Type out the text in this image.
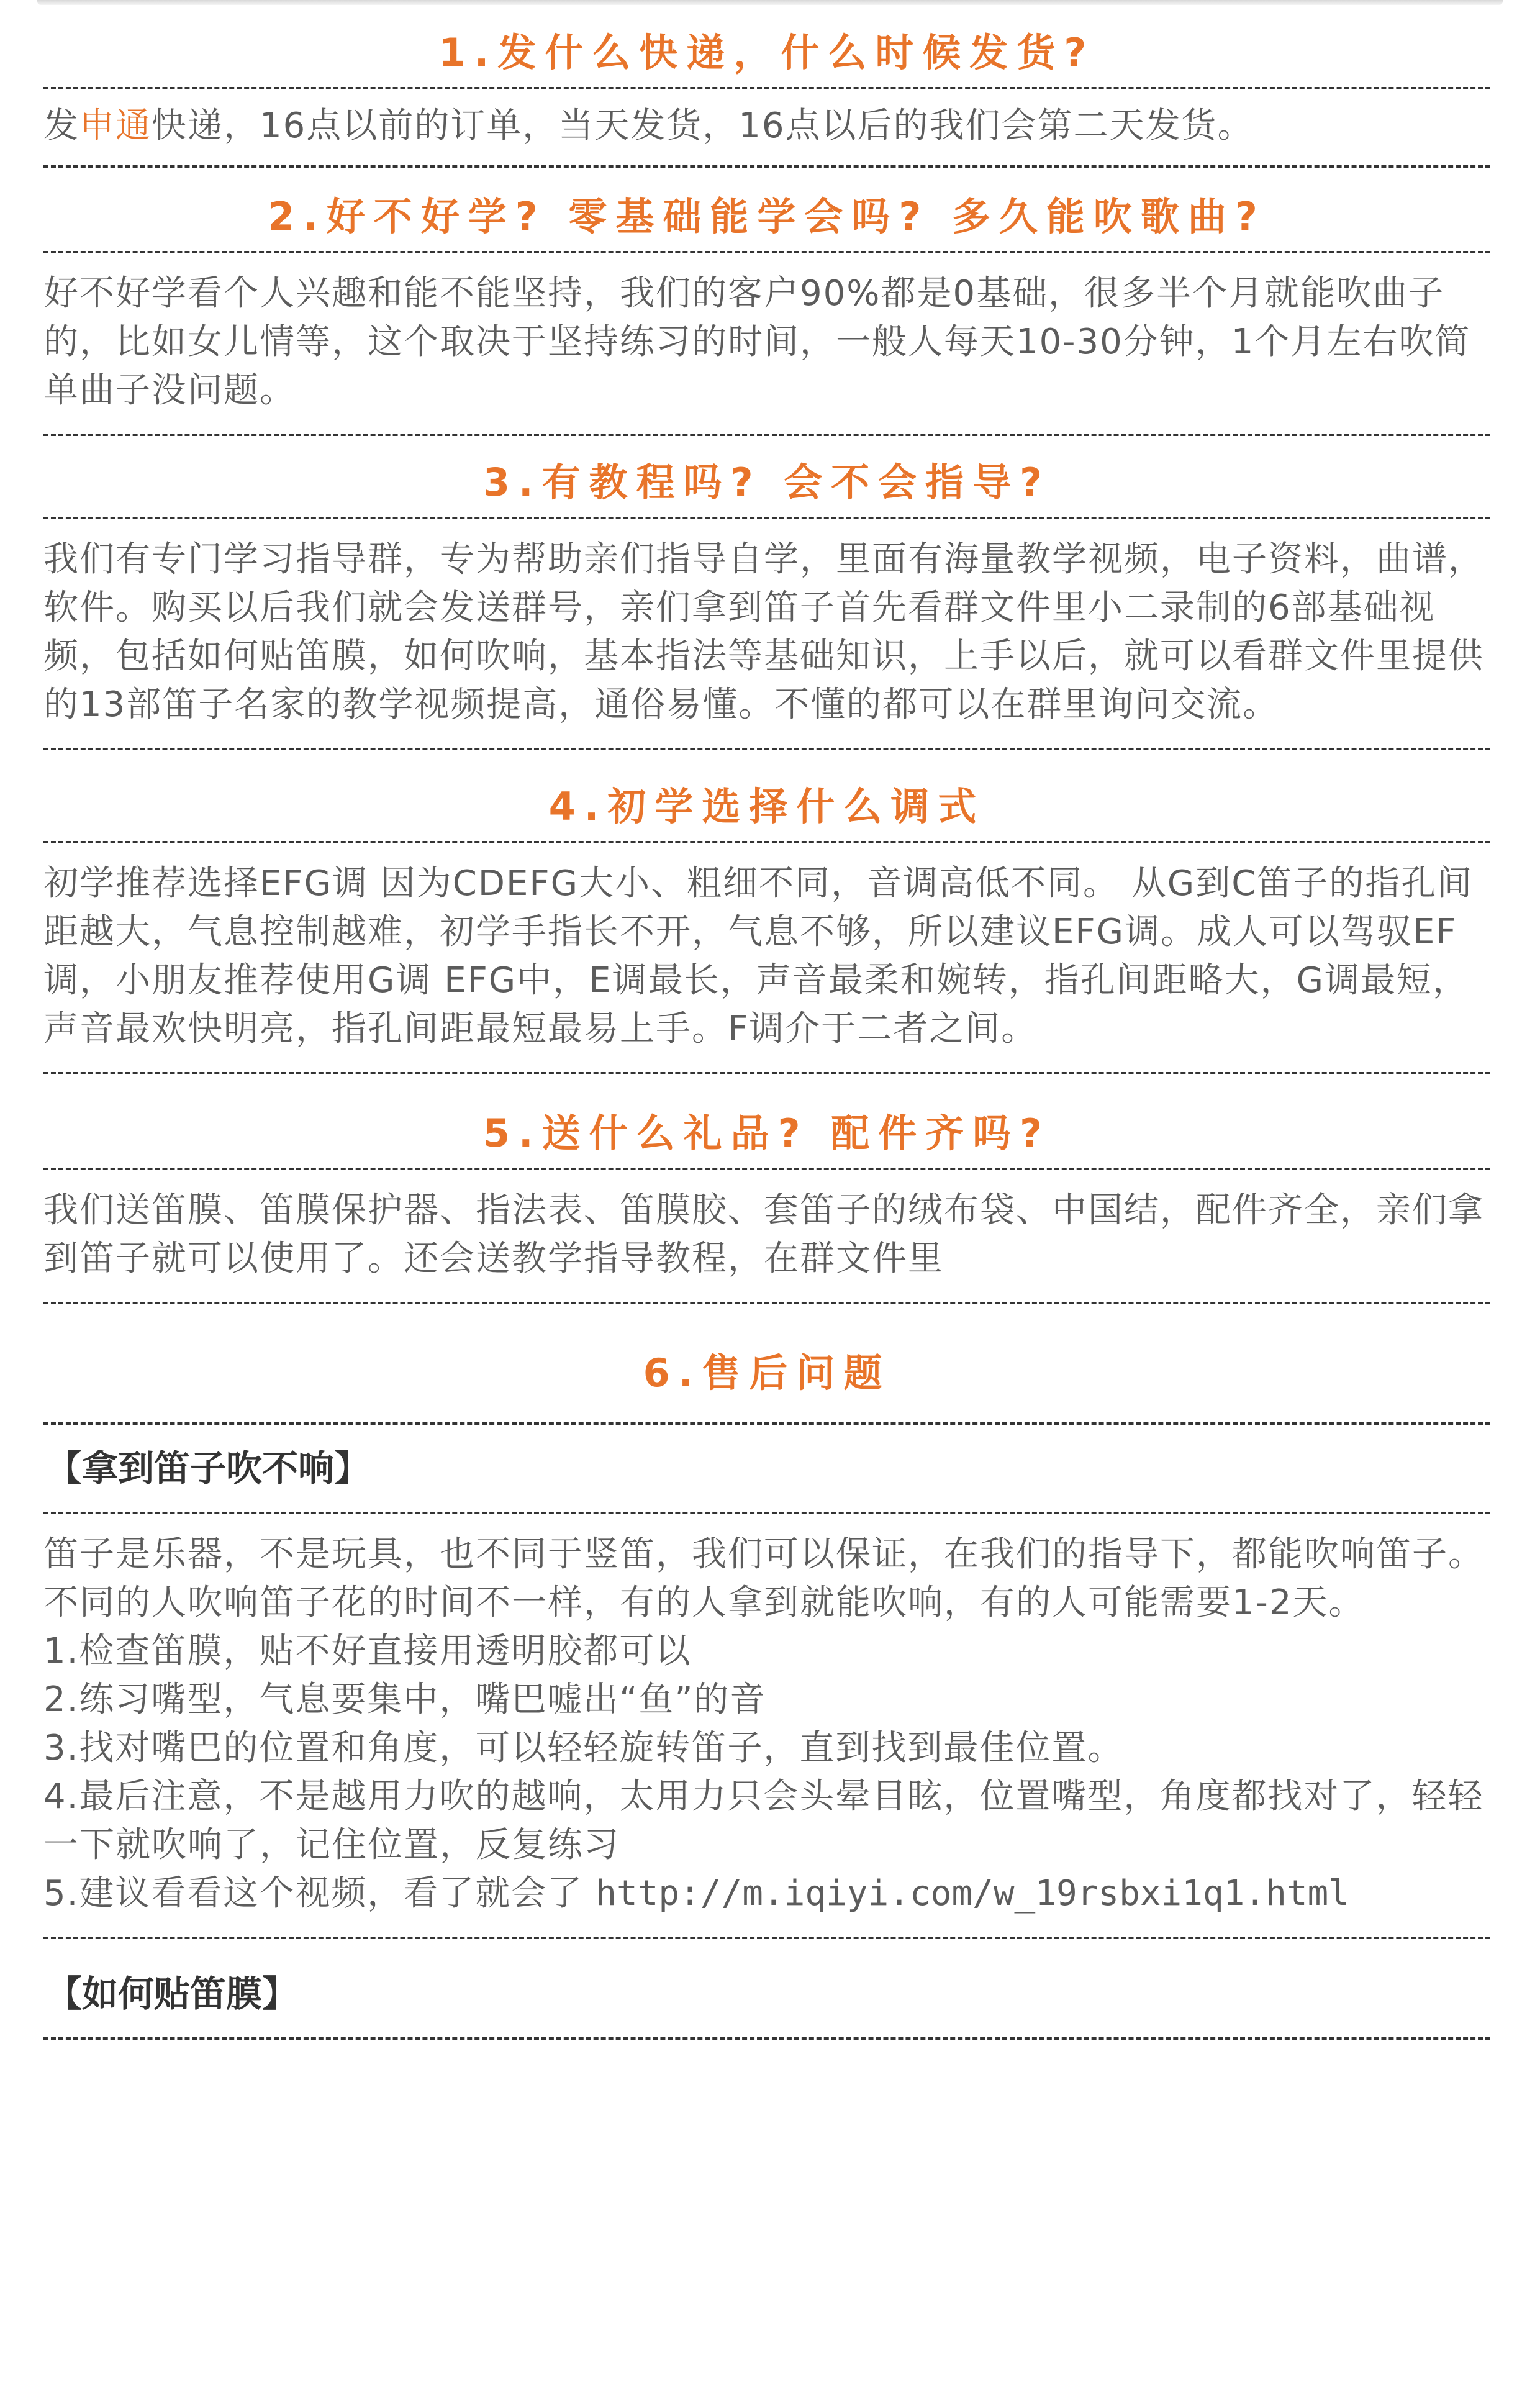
1.发什么快递，什么时候发货?
发申通快递，16点以前的订单，当天发货，16点以后的我们会第二天发货。
2.好不好学? 零基础能学会吗? 多久能吹歌曲?
好不好学看个人兴趣和能不能坚持，我们的客户90%都是0基础，很多半个月就能吹曲子的，比如女儿情等，这个取决于坚持练习的时间，一般人每天10-30分钟，1个月左右吹简单曲子没问题。
3.有教程吗? 会不会指导?
我们有专门学习指导群，专为帮助亲们指导自学，里面有海量教学视频，电子资料，曲谱，软件。购买以后我们就会发送群号，亲们拿到笛子首先看群文件里小二录制的6部基础视频，包括如何贴笛膜，如何吹响，基本指法等基础知识，上手以后，就可以看群文件里提供的13部笛子名家的教学视频提高，通俗易懂。不懂的都可以在群里询问交流。
4.初学选择什么调式
初学推荐选择EFG调 因为CDEFG大小、粗细不同，音调高低不同。 从G到C笛子的指孔间距越大，气息控制越难，初学手指长不开，气息不够，所以建议EFG调。成人可以驾驭EF调，小朋友推荐使用G调 EFG中，E调最长，声音最柔和婉转，指孔间距略大，G调最短，声音最欢快明亮，指孔间距最短最易上手。F调介于二者之间。
5.送什么礼品? 配件齐吗?
我们送笛膜、笛膜保护器、指法表、笛膜胶、套笛子的绒布袋、中国结，配件齐全，亲们拿到笛子就可以使用了。还会送教学指导教程，在群文件里
6.售后问题
【拿到笛子吹不响】

笛子是乐器，不是玩具，也不同于竖笛，我们可以保证，在我们的指导下，都能吹响笛子。

不同的人吹响笛子花的时间不一样，有的人拿到就能吹响，有的人可能需要1-2天。

1.检查笛膜，贴不好直接用透明胶都可以

2.练习嘴型，气息要集中，嘴巴嘘出“鱼”的音

3.找对嘴巴的位置和角度，可以轻轻旋转笛子，直到找到最佳位置。

4.最后注意，不是越用力吹的越响，太用力只会头晕目眩，位置嘴型，角度都找对了，轻轻一下就吹响了，记住位置，反复练习

5.建议看看这个视频，看了就会了 http://m.iqiyi.com/w_19rsbxi1q1.html

【如何贴笛膜】
